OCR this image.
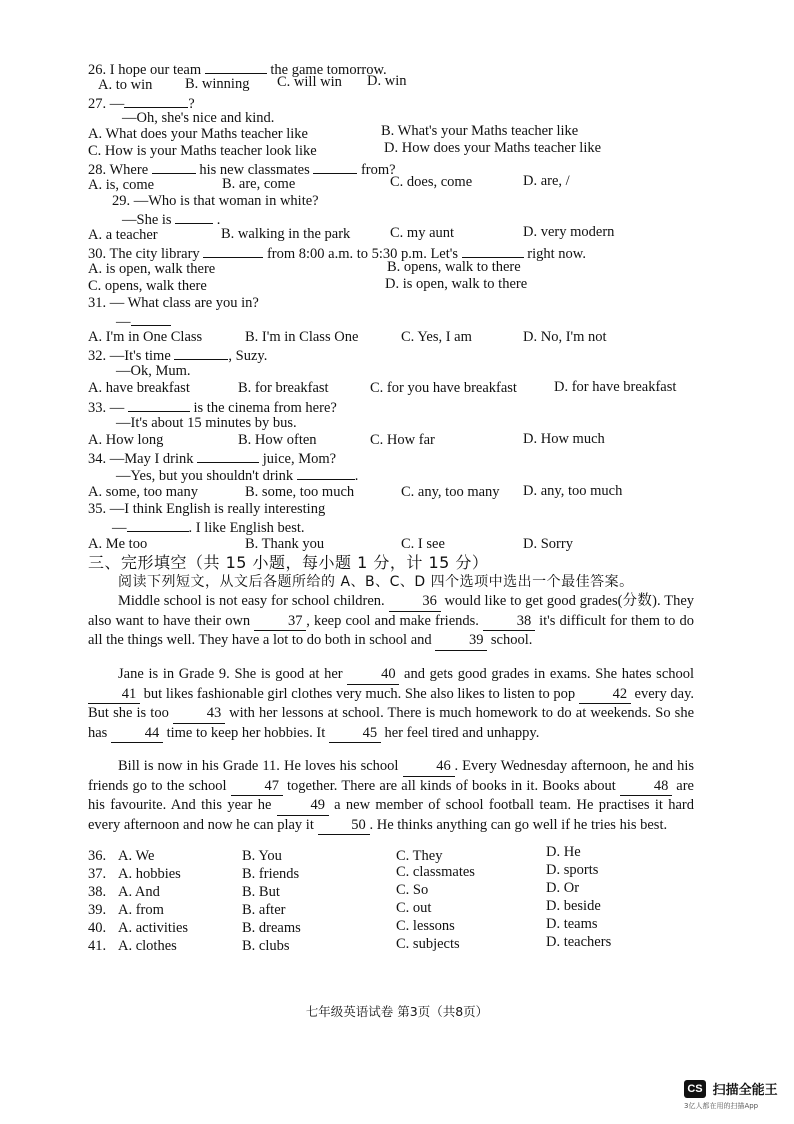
26. I hope our team	the game tomorrow.
A. to win B. winning C. will win D. win
27. —	?
—Oh, she's nice and kind.
A. What does your Maths teacher like	B. What's your Maths teacher like
C. How is your Maths teacher look like	D. How does your Maths teacher like
28. Where	his new classmates	from?
A. is, come	B. are, come	C. does, come	D. are, /
29. —Who is that woman in white?
—She is	.
A. a teacher	B. walking in the park	C. my aunt	D. very modern
30. The city library	from 8:00 a.m. to 5:30 p.m. Let's	right now.
A. is open, walk there	B. opens, walk to there
C. opens, walk there	D. is open, walk to there
31. — What class are you in?
—
A. I'm in One Class	B. I'm in Class One	C. Yes, I am	D. No, I'm not
32. —It's time	, Suzy.
—Ok, Mum.
A. have breakfast	B. for breakfast	C. for you have breakfast	D. for have breakfast
33. —	is the cinema from here?
—It's about 15 minutes by bus.
A. How long	B. How often	C. How far	D. How much
34. —May I drink	juice, Mom?
—Yes, but you shouldn't drink	.
A. some, too many	B. some, too much	C. any, too many D. any, too much
35. —I think English is really interesting
—	. I like English best.
A. Me too	B. Thank you	C. I see	D. Sorry
三、完形填空（共 15 小题，每小题 1 分，计 15 分）
阅读下列短文，从文后各题所给的 A、B、C、D 四个选项中选出一个最佳答案。
Middle school is not easy for school children.	36 would like to get good grades(分数). They also want to have their own	37 , keep cool and make friends.	38 it's difficult for them to do all the things well. They have a lot to do both in school and	39 school.
Jane is in Grade 9. She is good at her	40 and gets good grades in exams. She hates school 41 but likes fashionable girl clothes very much. She also likes to listen to pop	42 every day. But she is too	43 with her lessons at school. There is much homework to do at weekends. So she has	44 time to keep her hobbies. It	45 her feel tired and unhappy.
Bill is now in his Grade 11. He loves his school	46 . Every Wednesday afternoon, he and his friends go to the school	47 together. There are all kinds of books in it. Books about	48 are his favourite. And this year he	49 a new member of school football team. He practises it hard every afternoon and now he can play it	50 . He thinks anything can go well if he tries his best.
36. A. We	B. You	C. They	D. He
37. A. hobbies	B. friends	C. classmates	D. sports
38. A. And	B. But	C. So	D. Or
39. A. from	B. after	C. out	D. beside
40. A. activities	B. dreams	C. lessons	D. teams
41. A. clothes	B. clubs	C. subjects	D. teachers
七年级英语试卷 第3页（共8页）
CS 扫描全能王
3亿人都在用的扫描App
